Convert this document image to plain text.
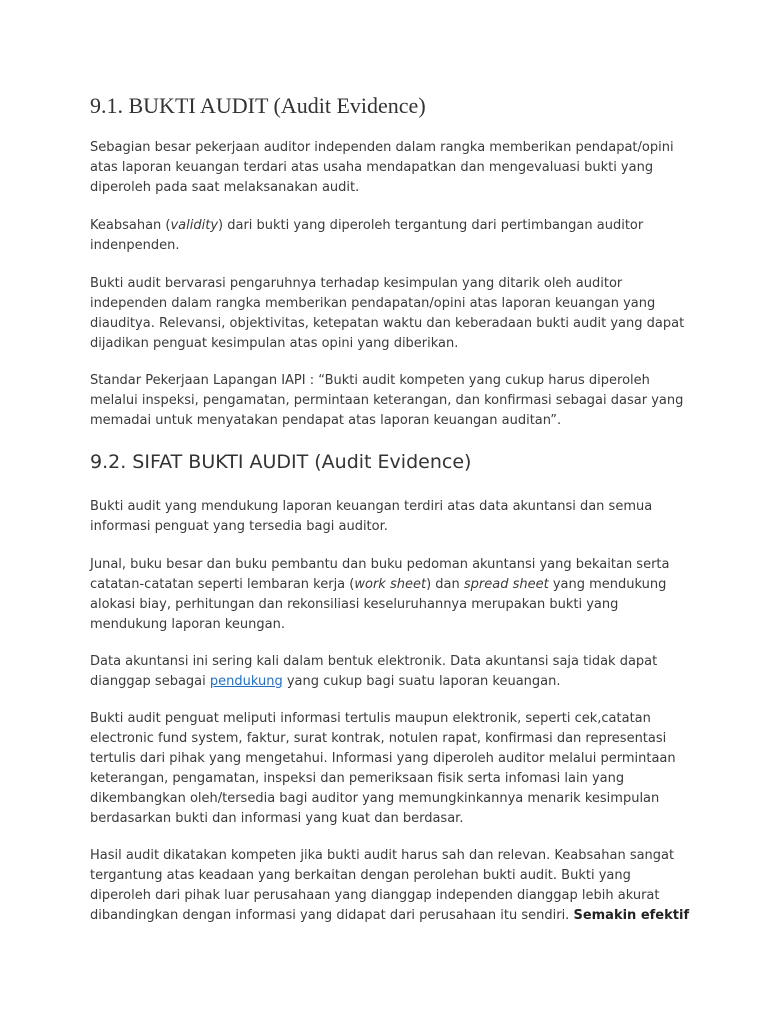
9.1. BUKTI AUDIT (Audit Evidence)

Sebagian besar pekerjaan auditor independen dalam rangka memberikan pendapat/opini
atas laporan keuangan terdari atas usaha mendapatkan dan mengevaluasi bukti yang
diperoleh pada saat melaksanakan audit.

Keabsahan (validity) dari bukti yang diperoleh tergantung dari pertimbangan auditor
indenpenden.

Bukti audit bervarasi pengaruhnya terhadap kesimpulan yang ditarik oleh auditor
independen dalam rangka memberikan pendapatan/opini atas laporan keuangan yang
diaudityа. Relevansi, objektivitas, ketepatan waktu dan keberadaan bukti audit yang dapat
dijadikan penguat kesimpulan atas opini yang diberikan.

Standar Pekerjaan Lapangan IAPI : “Bukti audit kompeten yang cukup harus diperoleh
melalui inspeksi, pengamatan, permintaan keterangan, dan konfirmasi sebagai dasar yang
memadai untuk menyatakan pendapat atas laporan keuangan auditan”.

9.2. SIFAT BUKTI AUDIT (Audit Evidence)

Bukti audit yang mendukung laporan keuangan terdiri atas data akuntansi dan semua
informasi penguat yang tersedia bagi auditor.

Junal, buku besar dan buku pembantu dan buku pedoman akuntansi yang bekaitan serta
catatan-catatan seperti lembaran kerja (work sheet) dan spread sheet yang mendukung
alokasi biay, perhitungan dan rekonsiliasi keseluruhannya merupakan bukti yang
mendukung laporan keungan.

Data akuntansi ini sering kali dalam bentuk elektronik. Data akuntansi saja tidak dapat
dianggap sebagai pendukung yang cukup bagi suatu laporan keuangan.

Bukti audit penguat meliputi informasi tertulis maupun elektronik, seperti cek,catatan
electronic fund system, faktur, surat kontrak, notulen rapat, konfirmasi dan representasi
tertulis dari pihak yang mengetahui. Informasi yang diperoleh auditor melalui permintaan
keterangan, pengamatan, inspeksi dan pemeriksaan fisik serta infomasi lain yang
dikembangkan oleh/tersedia bagi auditor yang memungkinkannya menarik kesimpulan
berdasarkan bukti dan informasi yang kuat dan berdasar.

Hasil audit dikatakan kompeten jika bukti audit harus sah dan relevan. Keabsahan sangat
tergantung atas keadaan yang berkaitan dengan perolehan bukti audit. Bukti yang
diperoleh dari pihak luar perusahaan yang dianggap independen dianggap lebih akurat
dibandingkan dengan informasi yang didapat dari perusahaan itu sendiri. Semakin efektif
